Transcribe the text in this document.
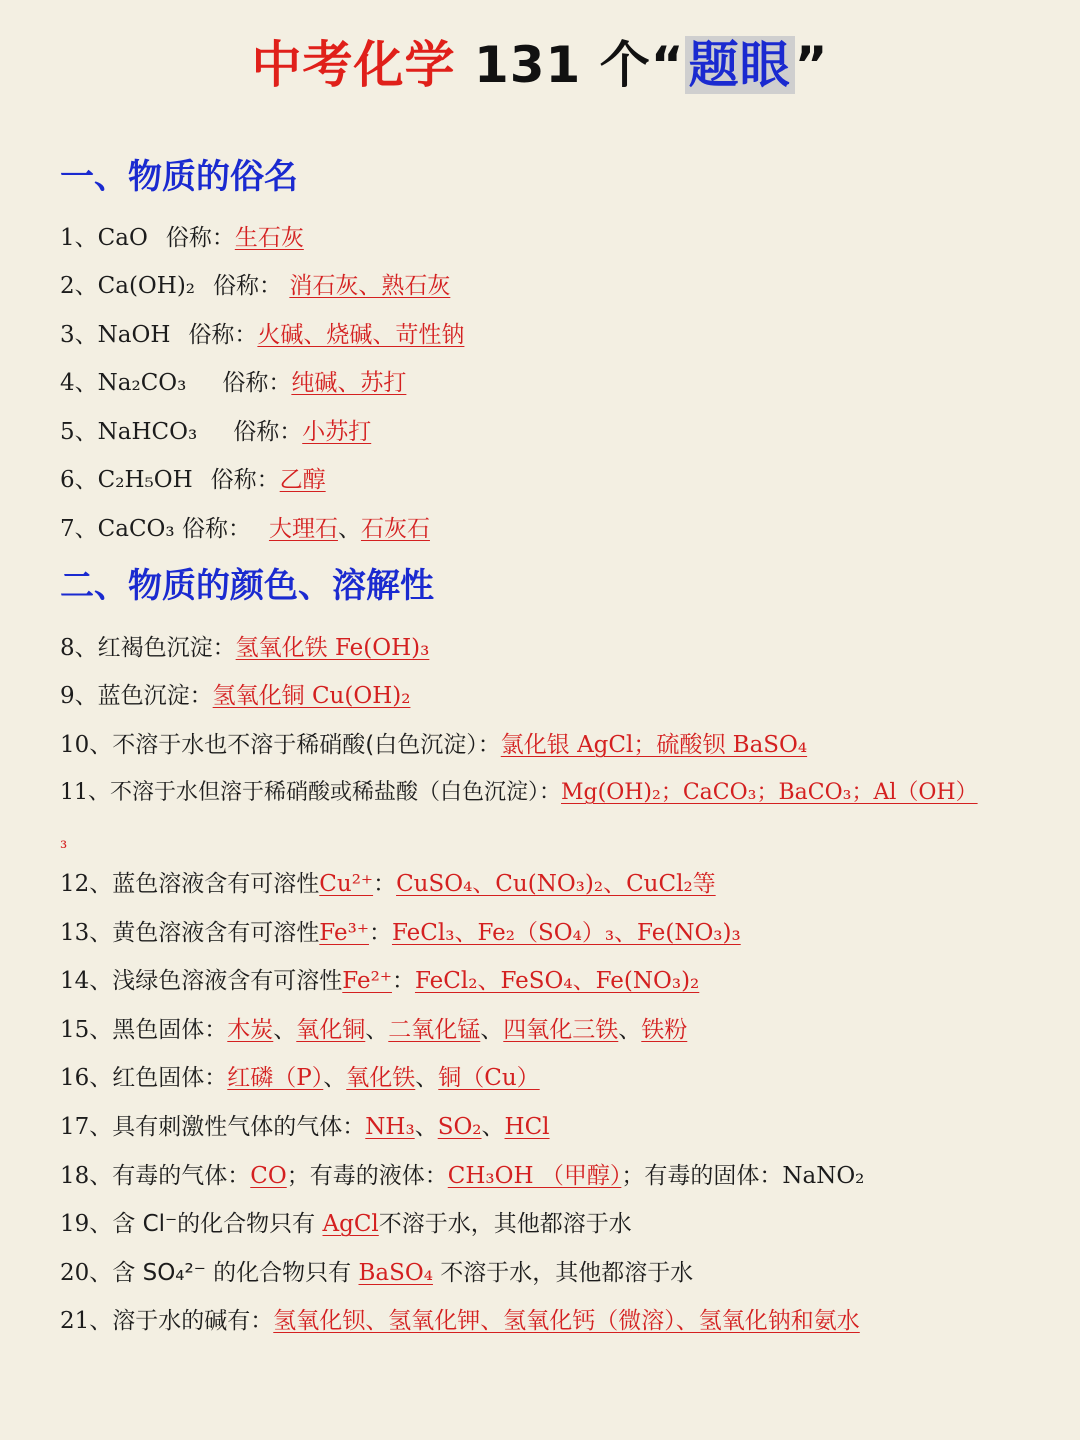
中考化学 131 个“题眼”
一、物质的俗名
1、CaO 俗称：生石灰
2、Ca(OH)₂ 俗称： 消石灰、熟石灰
3、NaOH 俗称：火碱、烧碱、苛性钠
4、Na₂CO₃ 俗称：纯碱、苏打
5、NaHCO₃ 俗称：小苏打
6、C₂H₅OH 俗称：乙醇
7、CaCO₃ 俗称： 大理石、石灰石
二、物质的颜色、溶解性
8、红褐色沉淀：氢氧化铁 Fe(OH)₃
9、蓝色沉淀：氢氧化铜 Cu(OH)₂
10、不溶于水也不溶于稀硝酸(白色沉淀）：氯化银 AgCl；硫酸钡 BaSO₄
11、不溶于水但溶于稀硝酸或稀盐酸（白色沉淀）：Mg(OH)₂；CaCO₃；BaCO₃；Al（OH）
₃
12、蓝色溶液含有可溶性Cu²⁺：CuSO₄、Cu(NO₃)₂、CuCl₂等
13、黄色溶液含有可溶性Fe³⁺：FeCl₃、Fe₂（SO₄）₃、Fe(NO₃)₃
14、浅绿色溶液含有可溶性Fe²⁺：FeCl₂、FeSO₄、Fe(NO₃)₂
15、黑色固体：木炭、氧化铜、二氧化锰、四氧化三铁、铁粉
16、红色固体：红磷（P）、氧化铁、铜（Cu）
17、具有刺激性气体的气体：NH₃、SO₂、HCl
18、有毒的气体：CO；有毒的液体：CH₃OH （甲醇）；有毒的固体：NaNO₂
19、含 Cl⁻的化合物只有 AgCl不溶于水，其他都溶于水
20、含 SO₄²⁻ 的化合物只有 BaSO₄ 不溶于水，其他都溶于水
21、溶于水的碱有：氢氧化钡、氢氧化钾、氢氧化钙（微溶）、氢氧化钠和氨水
